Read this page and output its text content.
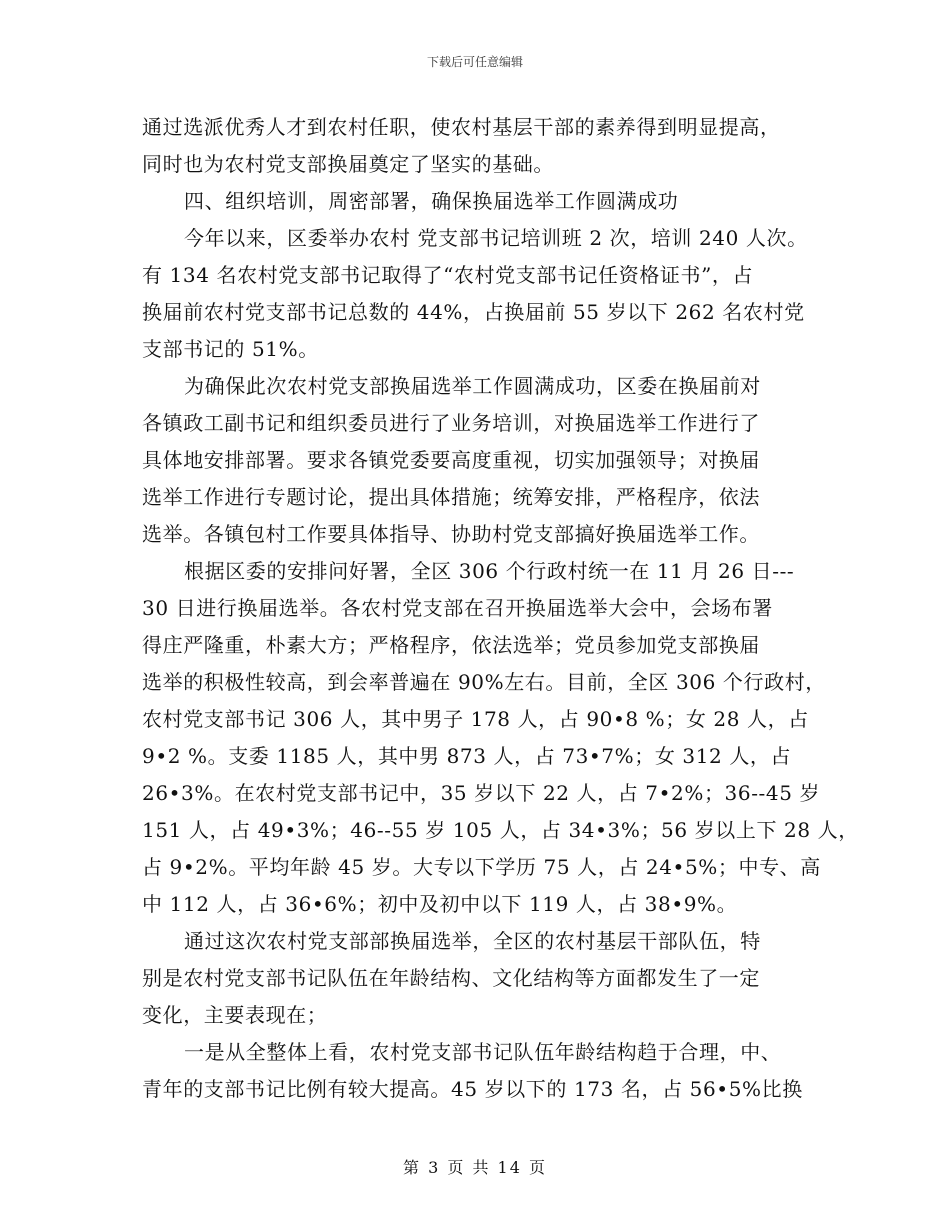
下载后可任意编辑
通过选派优秀人才到农村任职，使农村基层干部的素养得到明显提高，
同时也为农村党支部换届奠定了坚实的基础。
四、组织培训，周密部署，确保换届选举工作圆满成功
今年以来，区委举办农村 党支部书记培训班 2 次，培训 240 人次。
有 134 名农村党支部书记取得了“农村党支部书记任资格证书”，占
换届前农村党支部书记总数的 44%，占换届前 55 岁以下 262 名农村党
支部书记的 51%。
为确保此次农村党支部换届选举工作圆满成功，区委在换届前对
各镇政工副书记和组织委员进行了业务培训，对换届选举工作进行了
具体地安排部署。要求各镇党委要高度重视，切实加强领导；对换届
选举工作进行专题讨论，提出具体措施；统筹安排，严格程序，依法
选举。各镇包村工作要具体指导、协助村党支部搞好换届选举工作。
根据区委的安排问好署，全区 306 个行政村统一在 11 月 26 日---
30 日进行换届选举。各农村党支部在召开换届选举大会中，会场布署
得庄严隆重，朴素大方；严格程序，依法选举；党员参加党支部换届
选举的积极性较高，到会率普遍在 90%左右。目前，全区 306 个行政村，
农村党支部书记 306 人，其中男子 178 人，占 90•8 %；女 28 人，占
9•2 %。支委 1185 人，其中男 873 人，占 73•7%；女 312 人，占
26•3%。在农村党支部书记中，35 岁以下 22 人，占 7•2%；36--45 岁
151 人，占 49•3%；46--55 岁 105 人，占 34•3%；56 岁以上下 28 人，
占 9•2%。平均年龄 45 岁。大专以下学历 75 人，占 24•5%；中专、高
中 112 人，占 36•6%；初中及初中以下 119 人，占 38•9%。
通过这次农村党支部部换届选举，全区的农村基层干部队伍，特
别是农村党支部书记队伍在年龄结构、文化结构等方面都发生了一定
变化，主要表现在；
一是从全整体上看，农村党支部书记队伍年龄结构趋于合理，中、
青年的支部书记比例有较大提高。45 岁以下的 173 名，占 56•5%比换
第 3 页 共 14 页
